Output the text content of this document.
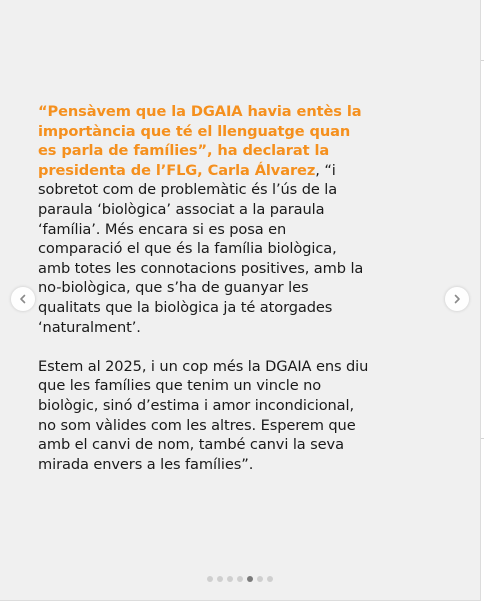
“Pensàvem que la DGAIA havia entès la importància que té el llenguatge quan es parla de famílies”, ha declarat la presidenta de l’FLG, Carla Álvarez, “i sobretot com de problemàtic és l’ús de la paraula ‘biològica’ associat a la paraula ‘família’. Més encara si es posa en comparació el que és la família biològica, amb totes les connotacions positives, amb la no-biològica, que s’ha de guanyar les qualitats que la biològica ja té atorgades ‘naturalment’.

Estem al 2025, i un cop més la DGAIA ens diu que les famílies que tenim un vincle no biològic, sinó d’estima i amor incondicional, no som vàlides com les altres. Esperem que amb el canvi de nom, també canvi la seva mirada envers a les famílies”.
